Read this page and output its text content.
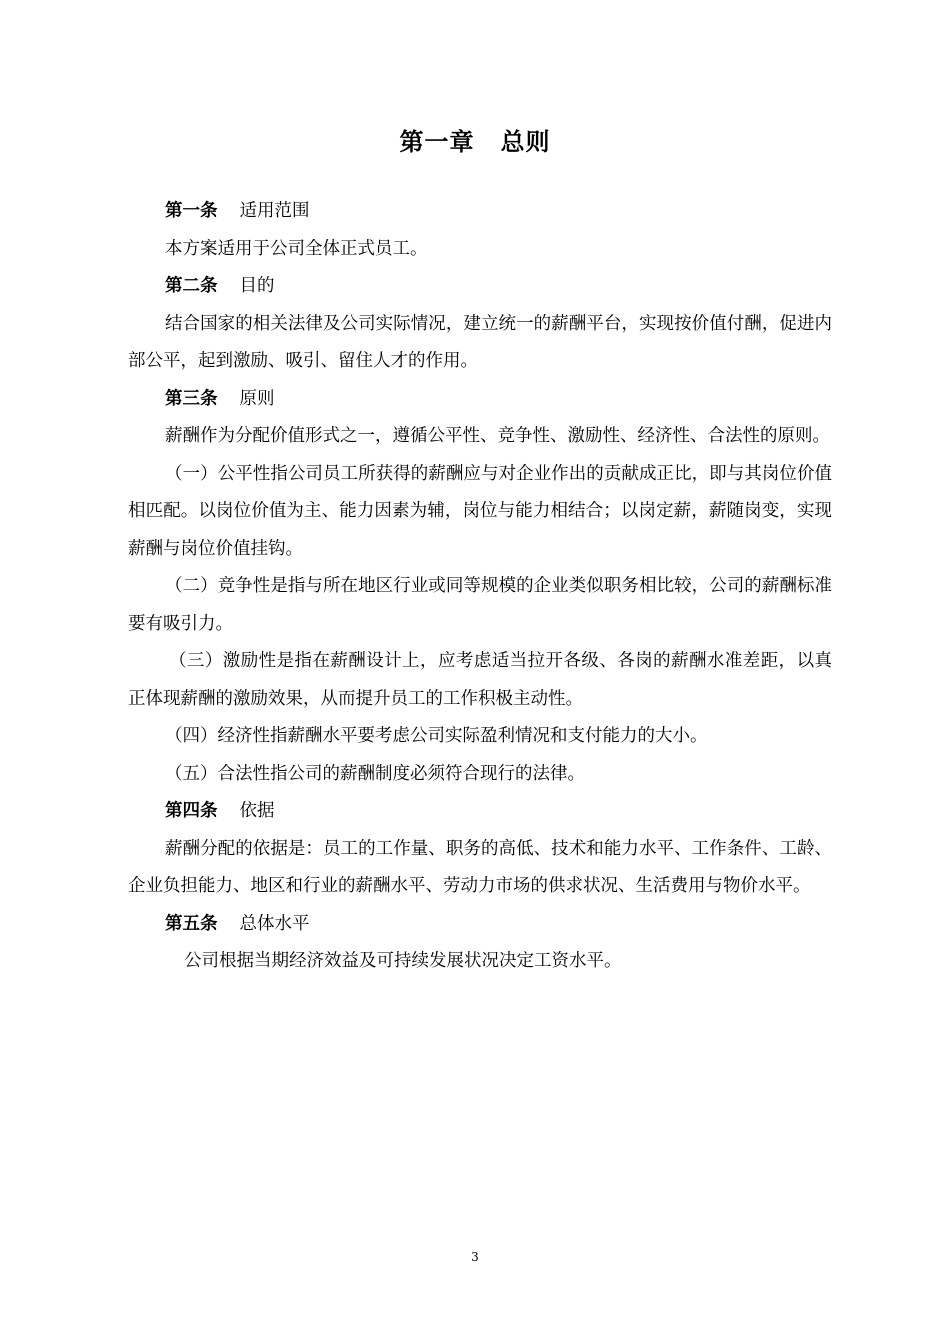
第一章 总则

第一条 适用范围

本方案适用于公司全体正式员工。

第二条 目的

结合国家的相关法律及公司实际情况，建立统一的薪酬平台，实现按价值付酬，促进内部公平，起到激励、吸引、留住人才的作用。

第三条 原则

薪酬作为分配价值形式之一，遵循公平性、竞争性、激励性、经济性、合法性的原则。

（一）公平性指公司员工所获得的薪酬应与对企业作出的贡献成正比，即与其岗位价值相匹配。以岗位价值为主、能力因素为辅，岗位与能力相结合；以岗定薪，薪随岗变，实现薪酬与岗位价值挂钩。

（二）竞争性是指与所在地区行业或同等规模的企业类似职务相比较，公司的薪酬标准要有吸引力。

（三）激励性是指在薪酬设计上，应考虑适当拉开各级、各岗的薪酬水准差距，以真正体现薪酬的激励效果，从而提升员工的工作积极主动性。

（四）经济性指薪酬水平要考虑公司实际盈利情况和支付能力的大小。

（五）合法性指公司的薪酬制度必须符合现行的法律。

第四条 依据

薪酬分配的依据是：员工的工作量、职务的高低、技术和能力水平、工作条件、工龄、企业负担能力、地区和行业的薪酬水平、劳动力市场的供求状况、生活费用与物价水平。

第五条 总体水平

公司根据当期经济效益及可持续发展状况决定工资水平。

3
